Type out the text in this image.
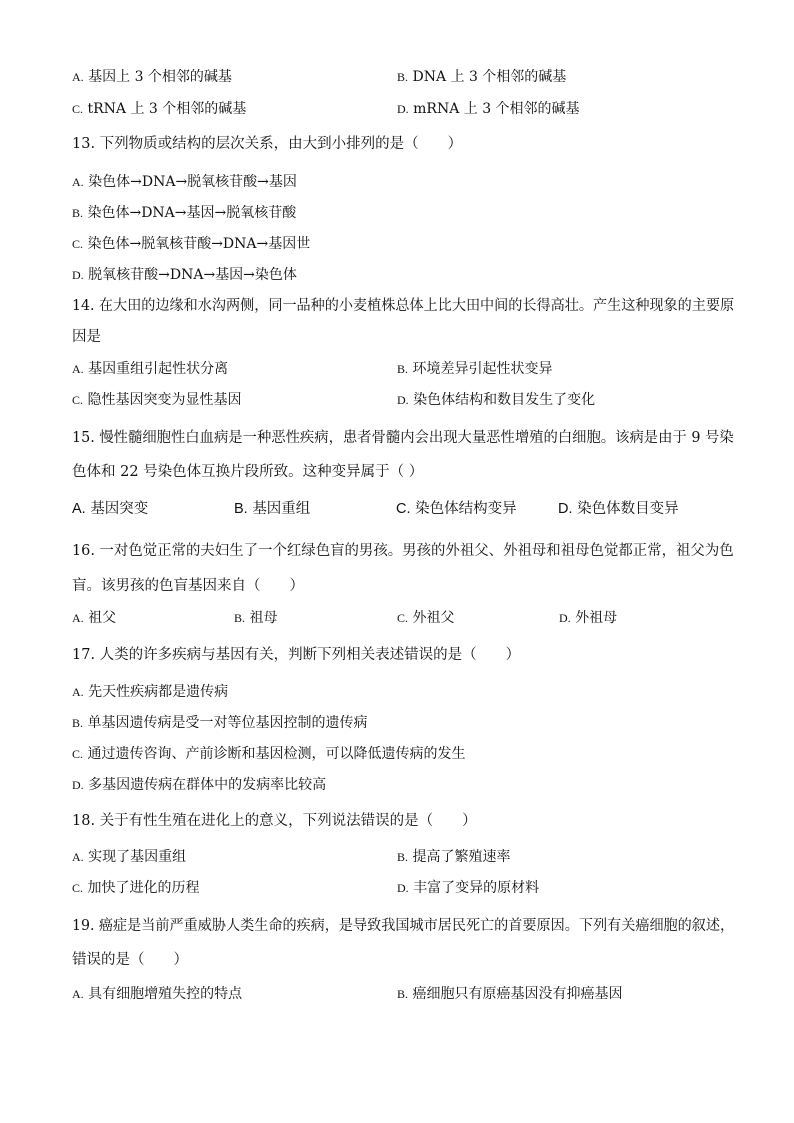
A. 基因上 3 个相邻的碱基	B. DNA 上 3 个相邻的碱基
C. tRNA 上 3 个相邻的碱基	D. mRNA 上 3 个相邻的碱基
13. 下列物质或结构的层次关系，由大到小排列的是（　　）
A. 染色体→DNA→脱氧核苷酸→基因
B. 染色体→DNA→基因→脱氧核苷酸
C. 染色体→脱氧核苷酸→DNA→基因世
D. 脱氧核苷酸→DNA→基因→染色体
14. 在大田的边缘和水沟两侧，同一品种的小麦植株总体上比大田中间的长得高壮。产生这种现象的主要原
因是
A. 基因重组引起性状分离	B. 环境差异引起性状变异
C. 隐性基因突变为显性基因	D. 染色体结构和数目发生了变化
15. 慢性髓细胞性白血病是一种恶性疾病，患者骨髓内会出现大量恶性增殖的白细胞。该病是由于 9 号染
色体和 22 号染色体互换片段所致。这种变异属于（ ）
A. 基因突变	B. 基因重组	C. 染色体结构变异	D. 染色体数目变异
16. 一对色觉正常的夫妇生了一个红绿色盲的男孩。男孩的外祖父、外祖母和祖母色觉都正常，祖父为色
盲。该男孩的色盲基因来自（　　）
A. 祖父	B. 祖母	C. 外祖父	D. 外祖母
17. 人类的许多疾病与基因有关，判断下列相关表述错误的是（　　）
A. 先天性疾病都是遗传病
B. 单基因遗传病是受一对等位基因控制的遗传病
C. 通过遗传咨询、产前诊断和基因检测，可以降低遗传病的发生
D. 多基因遗传病在群体中的发病率比较高
18. 关于有性生殖在进化上的意义，下列说法错误的是（　　）
A. 实现了基因重组	B. 提高了繁殖速率
C. 加快了进化的历程	D. 丰富了变异的原材料
19. 癌症是当前严重威胁人类生命的疾病，是导致我国城市居民死亡的首要原因。下列有关癌细胞的叙述，
错误的是（　　）
A. 具有细胞增殖失控的特点	B. 癌细胞只有原癌基因没有抑癌基因
